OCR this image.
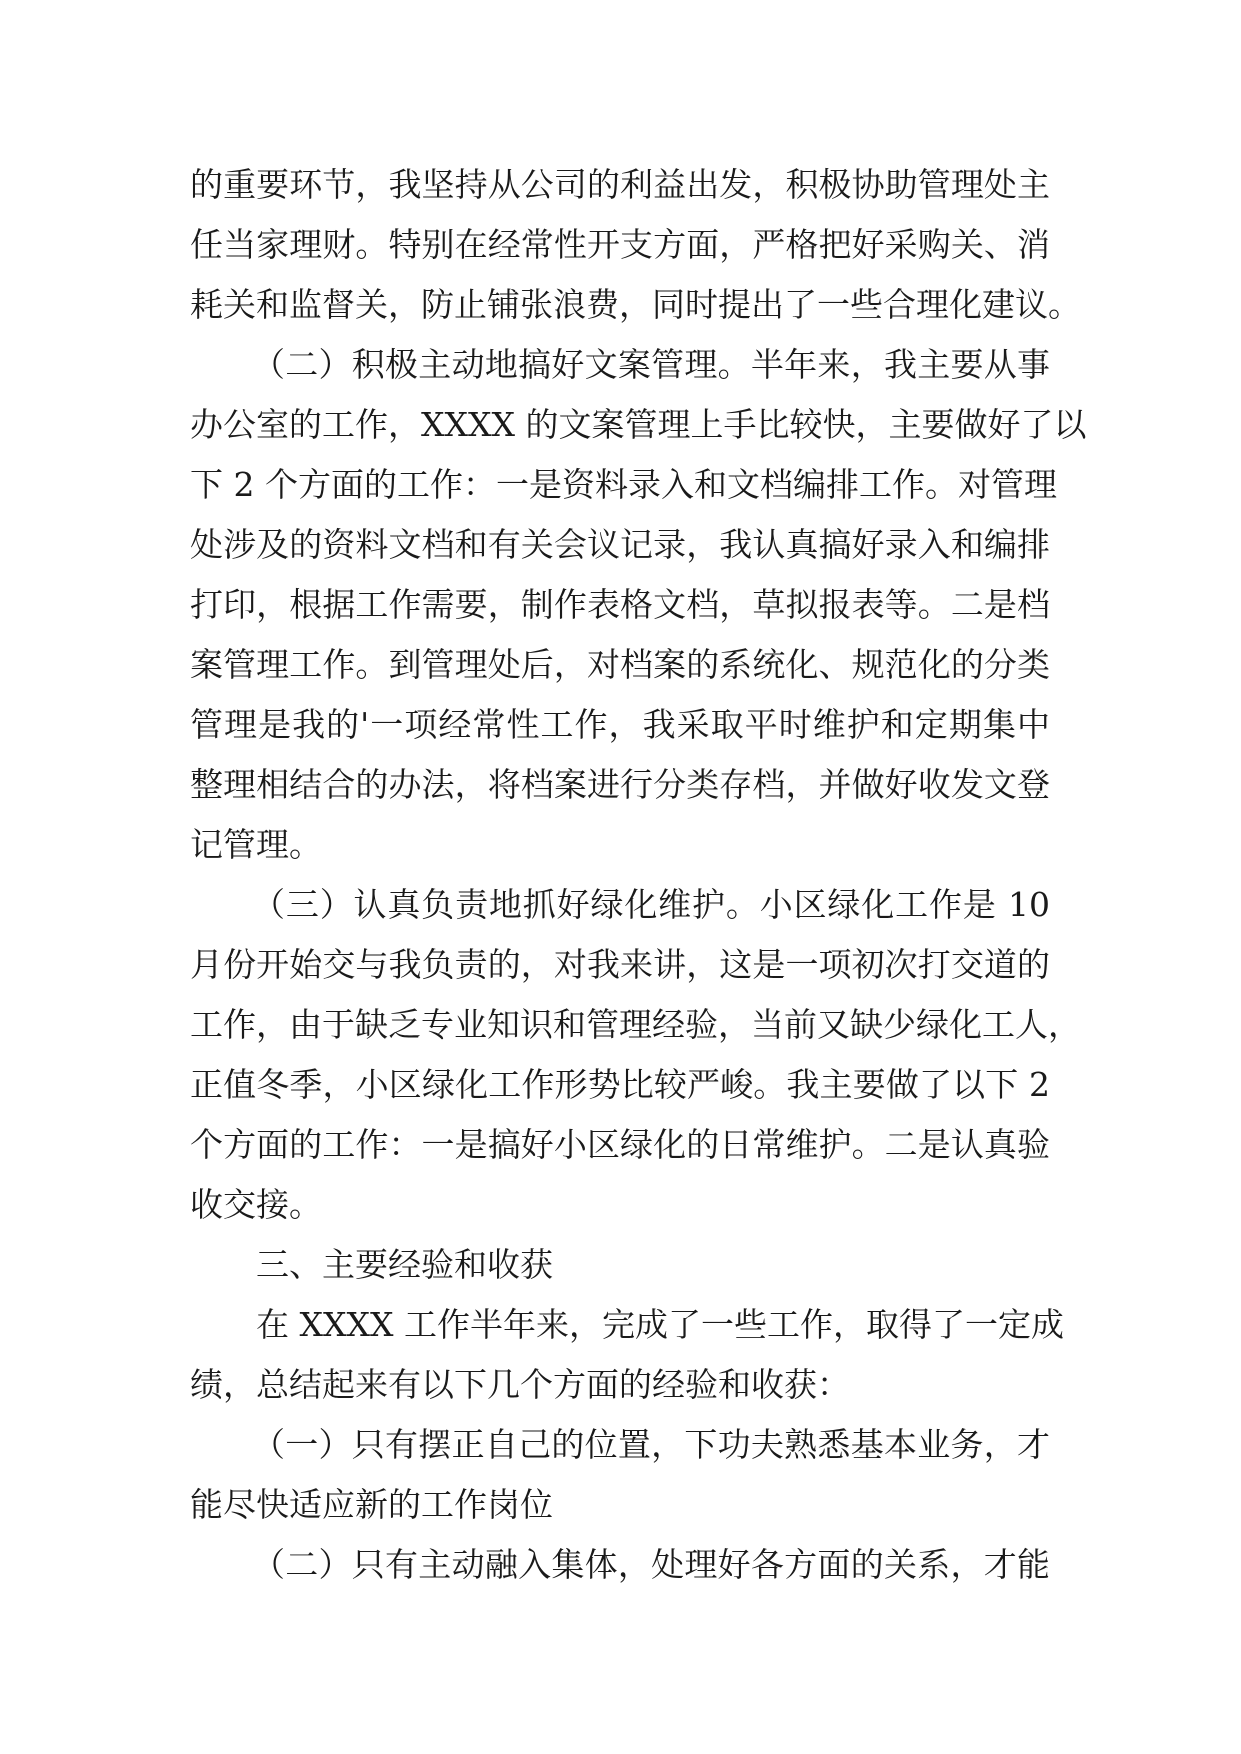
的重要环节，我坚持从公司的利益出发，积极协助管理处主
任当家理财。特别在经常性开支方面，严格把好采购关、消
耗关和监督关，防止铺张浪费，同时提出了一些合理化建议。
（二）积极主动地搞好文案管理。半年来，我主要从事
办公室的工作，XXXX 的文案管理上手比较快，主要做好了以
下 2 个方面的工作：一是资料录入和文档编排工作。对管理
处涉及的资料文档和有关会议记录，我认真搞好录入和编排
打印，根据工作需要，制作表格文档，草拟报表等。二是档
案管理工作。到管理处后，对档案的系统化、规范化的分类
管理是我的'一项经常性工作，我采取平时维护和定期集中
整理相结合的办法，将档案进行分类存档，并做好收发文登
记管理。
（三）认真负责地抓好绿化维护。小区绿化工作是 10
月份开始交与我负责的，对我来讲，这是一项初次打交道的
工作，由于缺乏专业知识和管理经验，当前又缺少绿化工人，
正值冬季，小区绿化工作形势比较严峻。我主要做了以下 2
个方面的工作：一是搞好小区绿化的日常维护。二是认真验
收交接。
三、主要经验和收获
在 XXXX 工作半年来，完成了一些工作，取得了一定成
绩，总结起来有以下几个方面的经验和收获：
（一）只有摆正自己的位置，下功夫熟悉基本业务，才
能尽快适应新的工作岗位
（二）只有主动融入集体，处理好各方面的关系，才能
